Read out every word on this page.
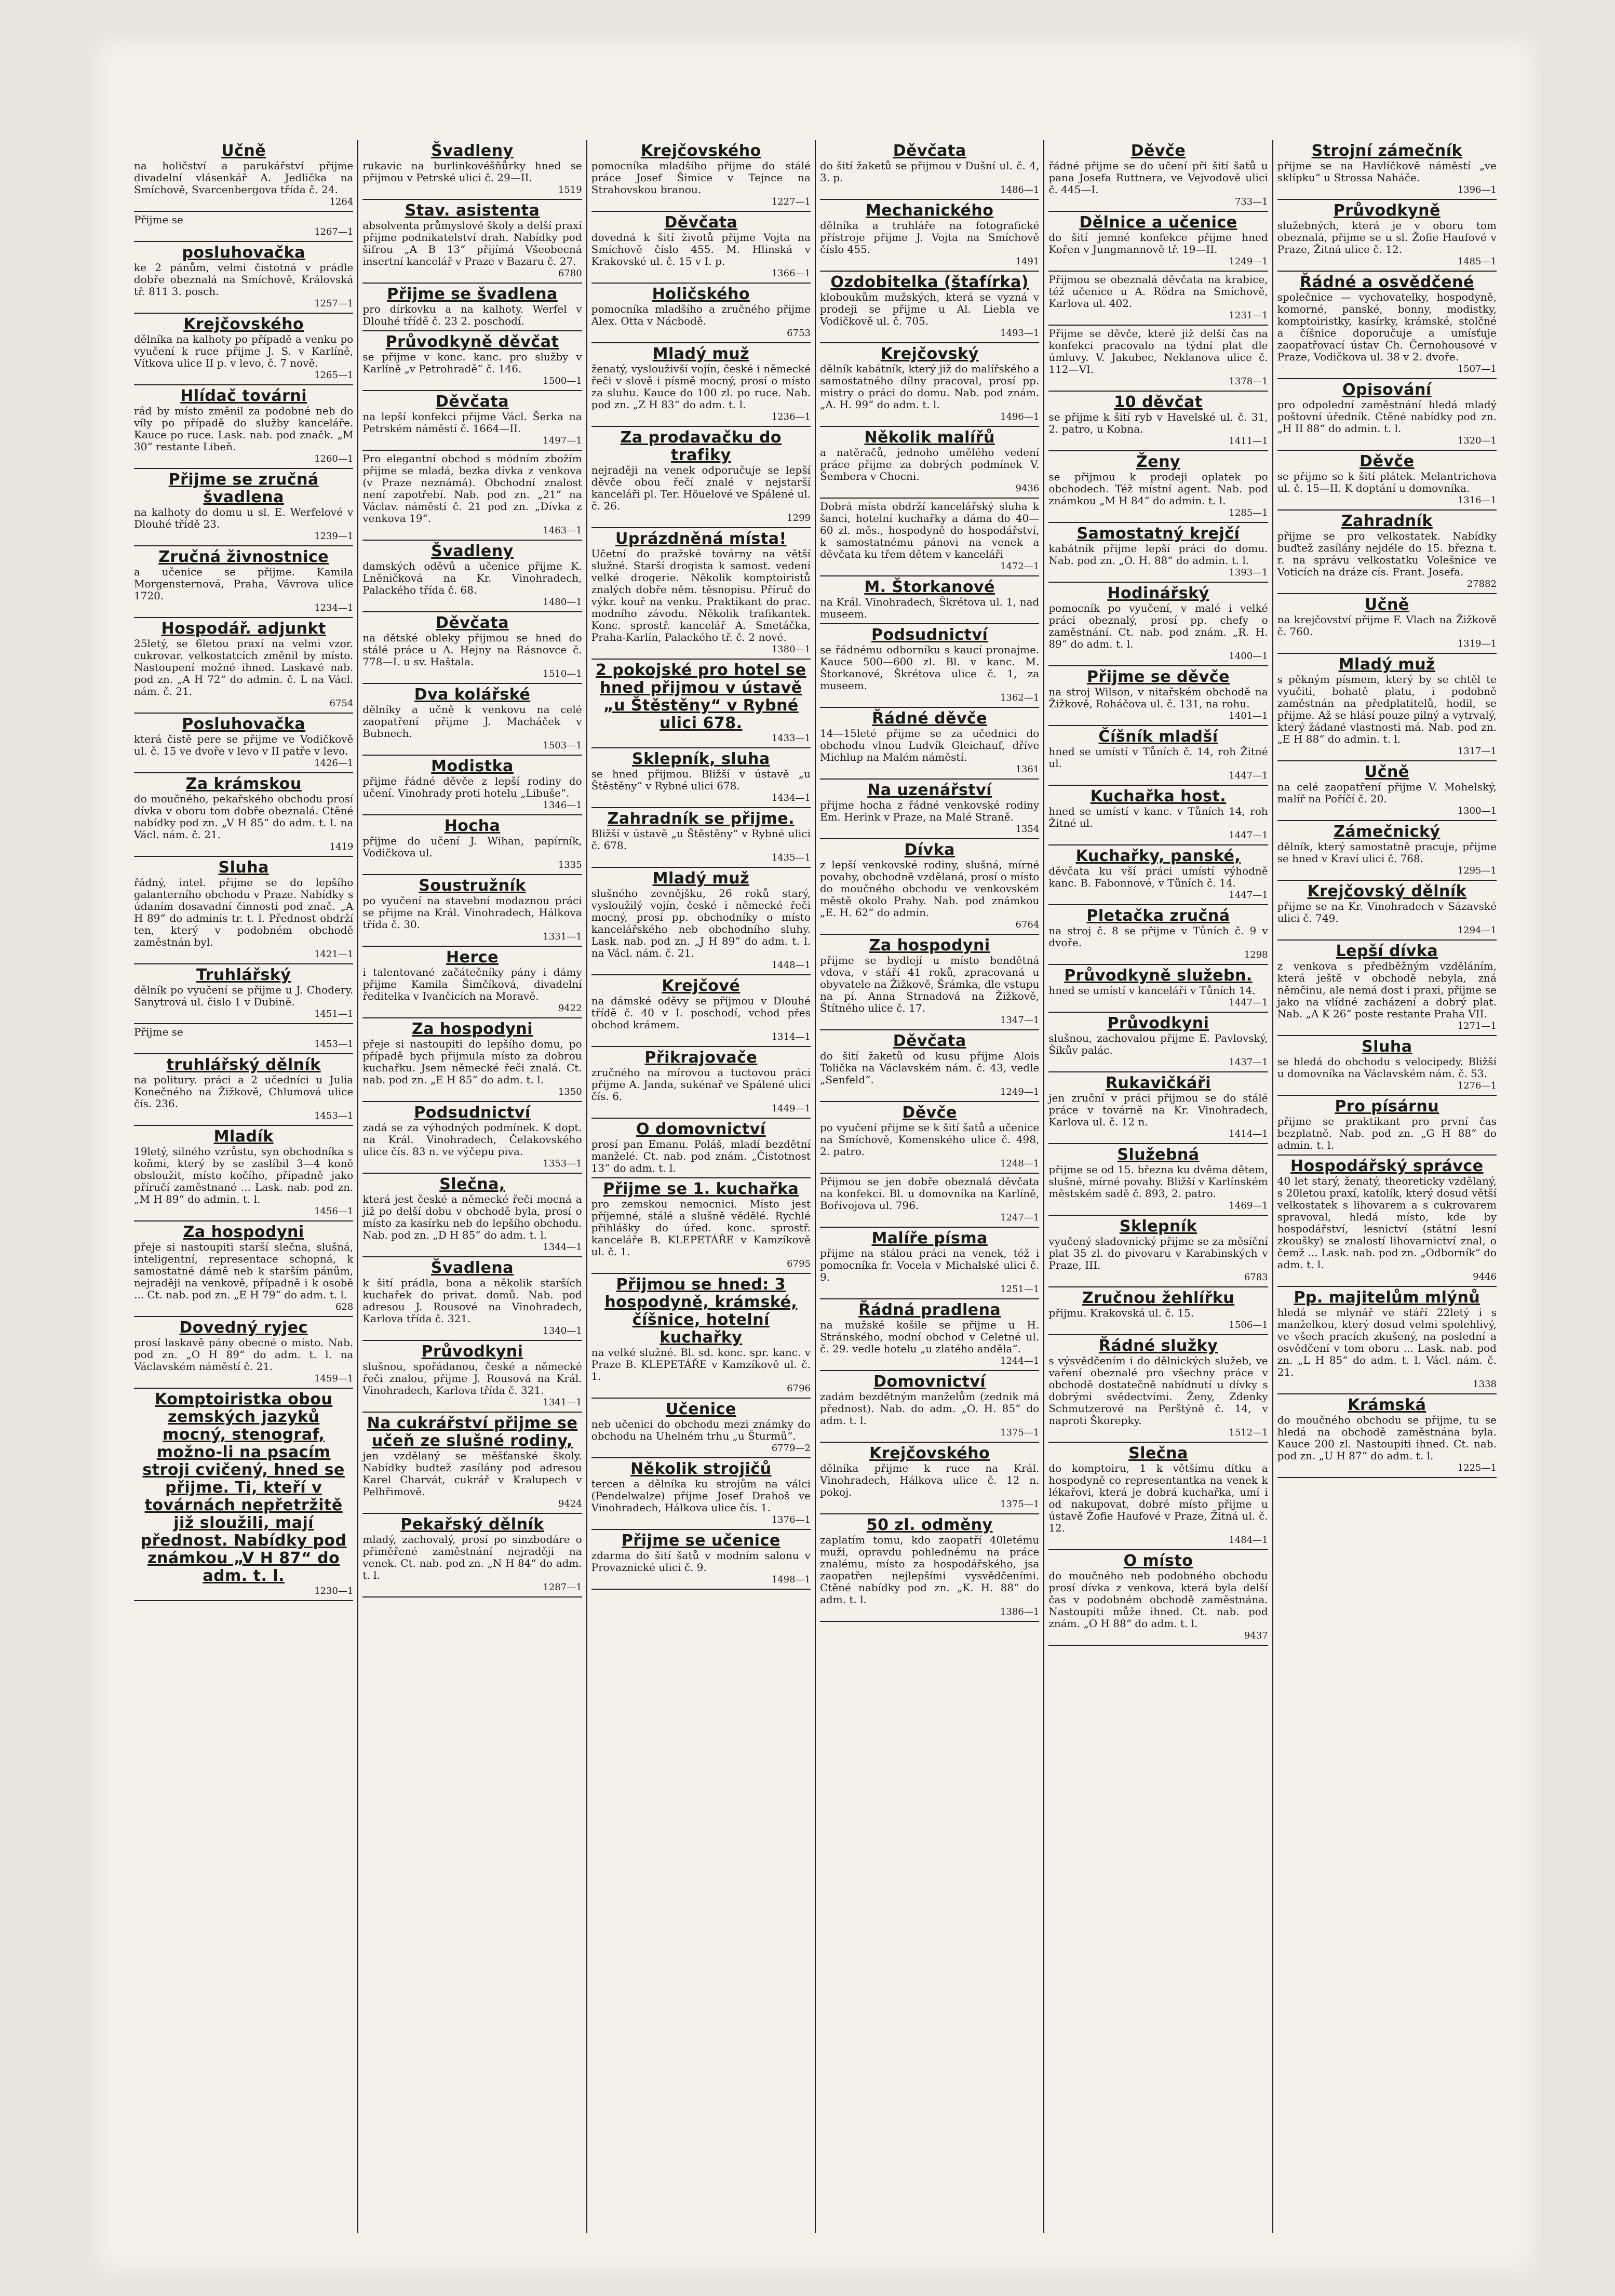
Učně
na holičství a parukářství přijme divadelní vlásenkář A. Jedlička na Smíchově, Svarcenbergova třída č. 24.
1264
Přijme se
1267—1
posluhovačka
ke 2 pánům, velmi čistotná v prádle dobře obeznalá na Smíchově, Královská tř. 811 3. posch.
1257—1
Krejčovského
dělníka na kalhoty po případě a venku po vyučení k ruce přijme J. S. v Karlíně, Vítkova ulice II p. v levo, č. 7 nově.
1265—1
Hlídač továrni
rád by místo změnil za podobné neb do víly po případě do služby kanceláře. Kauce po ruce. Lask. nab. pod značk. „M 30“ restante Libeň.
1260—1
Přijme se zručná švadlena
na kalhoty do domu u sl. E. Werfelové v Dlouhé třídě 23.
1239—1
Zručná živnostnice
a učenice se přijme. Kamila Morgensternová, Praha, Vávrova ulice 1720.
1234—1
Hospodář. adjunkt
25letý, se 6letou praxí na velmi vzor. cukrovar. velkostatcích změnil by místo. Nastoupení možné ihned. Laskavé nab. pod zn. „A H 72“ do admin. č. L na Václ. nám. č. 21.
6754
Posluhovačka
která čistě pere se přijme ve Vodičkově ul. č. 15 ve dvoře v levo v II patře v levo.
1426—1
Za krámskou
do moučného, pekařského obchodu prosí dívka v oboru tom dobře obeznalá. Ctěné nabídky pod zn. „V H 85“ do adm. t. l. na Václ. nám. č. 21.
1419
Sluha
řádný, intel. přijme se do lepšího galanterního obchodu v Praze. Nabídky s údaním dosavadní činnosti pod znač. „A H 89“ do adminis tr. t. l. Přednost obdrží ten, který v podobném obchodě zaměstnán byl.
1421—1
Truhlářský
dělník po vyučení se přijme u J. Chodery. Sanytrová ul. čislo 1 v Dubině.
1451—1
Přijme se
1453—1
truhlářský dělník
na politury. práci a 2 učedníci u Julia Konečného na Žižkově, Chlumová ulice čís. 236.
1453—1
Mladík
19letý, silného vzrůstu, syn obchodníka s koňmi, který by se zaslíbil 3—4 koně obsloužit, místo kočího, případně jako příručí zaměstnané ... Lask. nab. pod zn. „M H 89“ do admin. t. l.
1456—1
Za hospodyni
přeje si nastoupiti starší slečna, slušná, inteligentní, representace schopná, k samostatné dámě neb k starším pánům, nejraději na venkově, případně i k osobě ... Ct. nab. pod zn. „E H 79“ do adm. t. l.
628
Dovedný ryjec
prosí laskavě pány obecné o místo. Nab. pod zn. „O H 89“ do adm. t. l. na Václavském náměstí č. 21.
1459—1
Komptoiristka obou zemských jazyků mocný, stenograf, možno-li na psacím stroji cvičený, hned se přijme. Ti, kteří v továrnách nepřetržitě již sloužili, mají přednost. Nabídky pod známkou „V H 87“ do adm. t. l.
1230—1
Švadleny
rukavic na burlinkovéšňůrky hned se přijmou v Petrské ulici č. 29—II.
1519
Stav. asistenta
absolventa průmyslové školy a delší praxí přijme podnikatelství drah. Nabídky pod šifrou „A B 13“ přijímá Všeobecná insertní kancelář v Praze v Bazaru č. 27.
6780
Přijme se švadlena
pro dírkovku a na kalhoty. Werfel v Dlouhé třídě č. 23 2. poschodí.
Průvodkyně děvčat
se přijme v konc. kanc. pro služby v Karlíně „v Petrohradě“ č. 146.
1500—1
Děvčata
na lepší konfekci přijme Václ. Šerka na Petrském náměstí č. 1664—II.
1497—1
Pro elegantní obchod s módním zbožím přijme se mladá, bezka dívka z venkova (v Praze neznámá). Obchodní znalost není zapotřebí. Nab. pod zn. „21“ na Václav. náměstí č. 21 pod zn. „Dívka z venkova 19“.
1463—1
Švadleny
damských oděvů a učenice přijme K. Lněničková na Kr. Vinohradech, Palackého třída č. 68.
1480—1
Děvčata
na dětské oblekу přijmou se hned do stálé práce u A. Hejny na Rásnovce č. 778—I. u sv. Haštala.
1510—1
Dva kolářské
dělníky a učně k venkovu na celé zaopatření přijme J. Macháček v Bubnech.
1503—1
Modistka
přijme řádné děvče z lepší rodiny do učení. Vinohrady proti hotelu „Libuše“.
1346—1
Hocha
přijme do učení J. Wihan, papírník, Vodičkova ul.
1335
Soustružník
po vyučení na stavební modaznou práci se přijme na Král. Vinohradech, Hálkova třída č. 30.
1331—1
Herce
i talentované začátečníky pány i dámy přijme Kamila Šimčíková, divadelní ředitelka v Ivančicích na Moravě.
9422
Za hospodyni
přeje si nastoupiti do lepšího domu, po případě bych přijmula místo za dobrou kuchařku. Jsem německé řeči znalá. Ct. nab. pod zn. „E H 85“ do adm. t. l.
1350
Podsudnictví
zadá se za výhodných podmínek. K dopt. na Král. Vinohradech, Čelakovského ulice čís. 83 n. ve výčepu piva.
1353—1
Slečna,
která jest české a německé řeči mocná a již po delší dobu v obchodě byla, prosí o místo za kasírku neb do lepšího obchodu. Nab. pod zn. „D H 85“ do adm. t. l.
1344—1
Švadlena
k šití prádla, bona a několik starších kuchařek do privat. domů. Nab. pod adresou J. Rousové na Vinohradech, Karlova třída č. 321.
1340—1
Průvodkyni
slušnou, spořádanou, české a německé řeči znalou, přijme J. Rousová na Král. Vinohradech, Karlova třída č. 321.
1341—1
Na cukrářství přijme se učeň ze slušné rodiny,
jen vzdělaný se měšťanské školy. Nabídky budtež zasílány pod adresou Karel Charvát, cukrář v Kralupech v Pelhřimově.
9424
Pekařský dělník
mladý, zachovalý, prosí po sinzbodáre o přiměřené zaměstnání nejraději na venek. Ct. nab. pod zn. „N H 84“ do adm. t. l.
1287—1
Krejčovského
pomocníka mladšího přijme do stálé práce Josef Šimice v Tejnce na Strahovskou branou.
1227—1
Děvčata
dovedná k šití životů přijme Vojta na Smíchově číslo 455. M. Hlinská v Krakovské ul. č. 15 v I. p.
1366—1
Holičského
pomocníka mladšího a zručného přijme Alex. Otta v Nácbodě.
6753
Mladý muž
ženatý, vyslouživší vojín, české i německé řeči v slově i písmě mocný, prosí o místo za sluhu. Kauce do 100 zl. po ruce. Nab. pod zn. „Z H 83“ do adm. t. l.
1236—1
Za prodavačku do trafiky
nejraději na venek odporučuje se lepší děvče obou řečí znalé v nejstarší kanceláři pl. Ter. Höuelové ve Spálené ul. č. 26.
1299
Uprázdněná místa!
Učetní do pražské továrny na větší služné. Starší drogista k samost. vedení velké drogerie. Několik komptoiristů znalých dobře něm. těsnopisu. Příruč do výkr. kouř na venku. Praktikant do prac. modního závodu. Několik trafikantek. Konc. sprostř. kancelář A. Smetáčka, Praha-Karlín, Palackého tř. č. 2 nové.
1380—1
2 pokojské pro hotel se hned přijmou v ústavě „u Štěstěny“ v Rybné ulici 678.
1433—1
Sklepník, sluha
se hned přijmou. Bližší v ústavě „u Štěstěny“ v Rybné ulici 678.
1434—1
Zahradník se přijme.
Bližší v ústavě „u Štěstěny“ v Rybné ulici č. 678.
1435—1
Mladý muž
slušného zevnějšku, 26 roků starý, vysloužilý vojín, české i německé řeči mocný, prosí pp. obchodníky o místo kancelářského neb obchodního sluhy. Lask. nab. pod zn. „J H 89“ do adm. t. l. na Václ. nám. č. 21.
1448—1
Krejčové
na dámské oděvy se přijmou v Dlouhé třídě č. 40 v I. poschodí, vchod přes obchod krámem.
1314—1
Přikrajovače
zručného na mírovou a tuctovou práci přijme A. Janda, sukénař ve Spálené ulici čís. 6.
1449—1
O domovnictví
prosí pan Emanu. Poláš, mladí bezdětní manželé. Ct. nab. pod znám. „Čistotnost 13“ do adm. t. l.
Přijme se 1. kuchařka
pro zemskou nemocnici. Místo jest příjemné, stálé a slušně vědělé. Rychlé přihlášky do úřed. konc. sprostř. kanceláře B. KLEPETÁŘE v Kamzíkově ul. č. 1.
6795
Přijmou se hned: 3 hospodyně, krámské, číšnice, hotelní kuchařky
na velké služné. Bl. sd. konc. spr. kanc. v Praze B. KLEPETÁŘE v Kamzíkově ul. č. 1.
6796
Učenice
neb učenici do obchodu mezi známky do obchodu na Uhelném trhu „u Šturmů“.
6779—2
Několik strojičů
tercen a dělníka ku strojům na válci (Pendelwalze) přijme Josef Drahoš ve Vinohradech, Hálkova ulice čís. 1.
1376—1
Přijme se učenice
zdarma do šití šatů v modním salonu v Provaznické ulici č. 9.
1498—1
Děvčata
do šití žaketů se přijmou v Dušní ul. č. 4, 3. p.
1486—1
Mechanického
dělníka a truhláře na fotografické přístroje přijme J. Vojta na Smíchově číslo 455.
1491
Ozdobitelka (štafírka)
kloboukům mužských, která se vyzná v prodeji se přijme u Al. Liebla ve Vodičkově ul. č. 705.
1493—1
Krejčovský
dělník kabátník, který již do malířského a samostatného dílny pracoval, prosí pp. mistry o práci do domu. Nab. pod znám. „A. H. 99“ do adm. t. l.
1496—1
Několik malířů
a natěračů, jednoho umělého vedení práce přijme za dobrých podmínek V. Šembera v Chocni.
9436
Dobrá místa obdrží kancelářský sluha k šanci, hotelní kuchařky a dáma do 40—60 zl. měs., hospodyně do hospodářství, k samostatnému pánovi na venek a děvčata ku třem dětem v kanceláři
1472—1
M. Štorkanové
na Král. Vinohradech, Škrétova ul. 1, nad museem.
Podsudnictví
se řádnému odborníku s kaucí pronajme. Kauce 500—600 zl. Bl. v kanc. M. Štorkanové, Škrétova ulice č. 1, za museem.
1362—1
Řádné děvče
14—15leté přijme se za učednici do obchodu vlnou Ludvík Gleichauf, dříve Michlup na Malém náměstí.
1361
Na uzenářství
přijme hocha z řádné venkovské rodiny Em. Herink v Praze, na Malé Straně.
1354
Dívka
z lepší venkovské rodiny, slušná, mírné povahy, obchodně vzdělaná, prosí o místo do moučného obchodu ve venkovském městě okolo Prahy. Nab. pod známkou „E. H. 62“ do admin.
6764
Za hospodyni
přijme se bydlejí u místo bendětná vdova, v stáří 41 roků, zpracovaná u obyvatele na Žižkově, Šrámka, dle vstupu na pí. Anna Strnadová na Žižkově, Štítného ulice č. 17.
1347—1
Děvčata
do šití žaketů od kusu přijme Alois Tolička na Václavském nám. č. 43, vedle „Senfeld“.
1249—1
Děvče
po vyučení přijme se k šití šatů a učenice na Smíchově, Komenského ulice č. 498, 2. patro.
1248—1
Přijmou se jen dobře obeznalá děvčata na konfekci. Bl. u domovníka na Karlíně, Bořivojova ul. 796.
1247—1
Malíře písma
přijme na stálou práci na venek, též i pomocníka fr. Vocela v Michalské ulici č. 9.
1251—1
Řádná pradlena
na mužské košile se přijme u H. Stránského, modní obchod v Celetné ul. č. 29. vedle hotelu „u zlatého anděla“.
1244—1
Domovnictví
zadám bezdětným manželům (zednik má přednost). Nab. do adm. „O. H. 85“ do adm. t. l.
1375—1
Krejčovského
dělníka přijme k ruce na Král. Vinohradech, Hálkova ulice č. 12 n. pokoj.
1375—1
50 zl. odměny
zaplatím tomu, kdo zaopatří 40letému muži, opravdu pohlednému na práce znalému, místo za hospodářského, jsa zaopatřen nejlepšími vysvědčeními. Ctěné nabídky pod zn. „K. H. 88“ do adm. t. l.
1386—1
Děvče
řádné přijme se do učení při šití šatů u pana Josefa Ruttnera, ve Vejvodově ulici č. 445—I.
733—1
Dělnice a učenice
do šití jemné konfekce přijme hned Kořen v Jungmannově tř. 19—II.
1249—1
Přijmou se obeznalá děvčata na krabice, též učenice u A. Rödra na Smíchově, Karlova ul. 402.
1231—1
Přijme se děvče, které již delší čas na konfekci pracovalo na týdní plat dle úmluvy. V. Jakubec, Neklanova ulice č. 112—VI.
1378—1
10 děvčat
se přijme k šití ryb v Havelské ul. č. 31, 2. patro, u Kobna.
1411—1
Ženy
se přijmou k prodeji oplatek po obchodech. Též místní agent. Nab. pod známkou „M H 84“ do admin. t. l.
1285—1
Samostatný krejčí
kabátník přijme lepší práci do domu. Nab. pod zn. „O. H. 88“ do admin. t. l.
1393—1
Hodinářský
pomocník po vyučení, v malé i velké práci obeznalý, prosí pp. chefy o zaměstnání. Ct. nab. pod znám. „R. H. 89“ do adm. t. l.
1400—1
Přijme se děvče
na stroj Wilson, v nitařském obchodě na Žižkově, Roháčova ul. č. 131, na rohu.
1401—1
Číšník mladší
hned se umístí v Tůních č. 14, roh Žitné ul.
1447—1
Kuchařka host.
hned se umístí v kanc. v Tůních 14, roh Žitné ul.
1447—1
Kuchařky, panské,
děvčata ku vší práci umístí výhodně kanc. B. Fabonnové, v Tůních č. 14.
1447—1
Pletačka zručná
na stroj č. 8 se přijme v Tůních č. 9 v dvoře.
1298
Průvodkyně služebn.
hned se umístí v kanceláři v Tůních 14.
1447—1
Průvodkyni
slušnou, zachovalou přijme E. Pavlovský, Šikův palác.
1437—1
Rukavičkáři
jen zruční v práci přijmou se do stálé práce v továrně na Kr. Vinohradech, Karlova ul. č. 12 n.
1414—1
Služebná
přijme se od 15. března ku dvěma dětem, slušné, mírné povahy. Bližší v Karlínském městském sadě č. 893, 2. patro.
1469—1
Sklepník
vyučený sladovnický přijme se za měsíční plat 35 zl. do pivovaru v Karabinských v Praze, III.
6783
Zručnou žehlířku
přijmu. Krakovská ul. č. 15.
1506—1
Řádné služky
s výsvědčením i do dělnických služeb, ve vaření obeznalé pro všechny práce v obchodě dostatečně nabídnutí u dívky s dobrými svědectvími. Ženy, Zdenky Schmutzerové na Perštýně č. 14, v naproti Škorepky.
1512—1
Slečna
do komptoiru, 1 k většímu dítku a hospodyně co representantka na venek k lékařovi, která je dobrá kuchařka, umí i od nakupovat, dobré místo přijme u ústavě Žofie Haufové v Praze, Žitná ul. č. 12.
1484—1
O místo
do moučného neb podobného obchodu prosí dívka z venkova, která byla delší čas v podobném obchodě zaměstnána. Nastoupiti může ihned. Ct. nab. pod znám. „O H 88“ do adm. t. l.
9437
Strojní zámečník
přijme se na Havlíčkově náměstí „ve sklípku“ u Strossa Naháče.
1396—1
Průvodkyně
služebných, která je v oboru tom obeznalá, přijme se u sl. Žofie Haufové v Praze, Žitná ulice č. 12.
1485—1
Řádné a osvědčené
společnice — vychovatelky, hospodyně, komorné, panské, bonny, modistky, komptoiristky, kasírky, krámské, stolčné a číšnice doporučuje a umísťuje zaopatřovací ústav Ch. Černohousové v Praze, Vodičkova ul. 38 v 2. dvoře.
1507—1
Opisování
pro odpolední zaměstnání hledá mladý poštovní úředník. Ctěné nabídky pod zn. „H II 88“ do admin. t. l.
1320—1
Děvče
se přijme se k šití plátek. Melantrichova ul. č. 15—II. K doptání u domovníka.
1316—1
Zahradník
přijme se pro velkostatek. Nabídky buďtež zasílány nejdéle do 15. března t. r. na správu velkostatku Volešnice ve Voticích na dráze cís. Frant. Josefa.
27882
Učně
na krejčovství přijme F. Vlach na Žižkově č. 760.
1319—1
Mladý muž
s pěkným písmem, který by se chtěl te vyučiti, bohatě platu, i podobně zaměstnán na předplatitelů, hodil, se přijme. Až se hlásí pouze pilný a vytrvalý, který žádané vlastnosti má. Nab. pod zn. „E H 88“ do admin. t. l.
1317—1
Učně
na celé zaopatření přijme V. Mohelský, malíř na Poříčí č. 20.
1300—1
Zámečnický
dělník, který samostatně pracuje, přijme se hned v Kraví ulici č. 768.
1295—1
Krejčovský dělník
přijme se na Kr. Vinohradech v Sázavské ulici č. 749.
1294—1
Lepší dívka
z venkova s předběžným vzděláním, která ještě v obchodě nebyla, zná němčinu, ale nemá dost i praxi, přijme se jako na vlídné zacházení a dobrý plat. Nab. „A K 26“ poste restante Praha VII.
1271—1
Sluha
se hledá do obchodu s velocipedy. Bližší u domovníka na Václavském nám. č. 53.
1276—1
Pro písárnu
přijme se praktikant pro první čas bezplatně. Nab. pod zn. „G H 88“ do admin. t. l.
Hospodářský správce
40 let starý, ženatý, theoreticky vzdělaný, s 20letou praxí, katolík, který dosud větší velkostatek s lihovarem a s cukrovarem spravoval, hledá místo, kde by hospodářství, lesnictví (státní lesní zkoušky) se znalostí lihovarnictví znal, o čemž ... Lask. nab. pod zn. „Odborník“ do adm. t. l.
9446
Pp. majitelům mlýnů
hledá se mlynář ve stáří 22letý i s manželkou, který dosud velmi spolehlivý, ve všech pracích zkušený, na poslední a osvědčení v tom oboru ... Lask. nab. pod zn. „L H 85“ do adm. t. l. Václ. nám. č. 21.
1338
Krámská
do moučného obchodu se přijme, tu se hledá na obchodě zaměstnána byla. Kauce 200 zl. Nastoupiti ihned. Ct. nab. pod zn. „U H 87“ do adm. t. l.
1225—1
